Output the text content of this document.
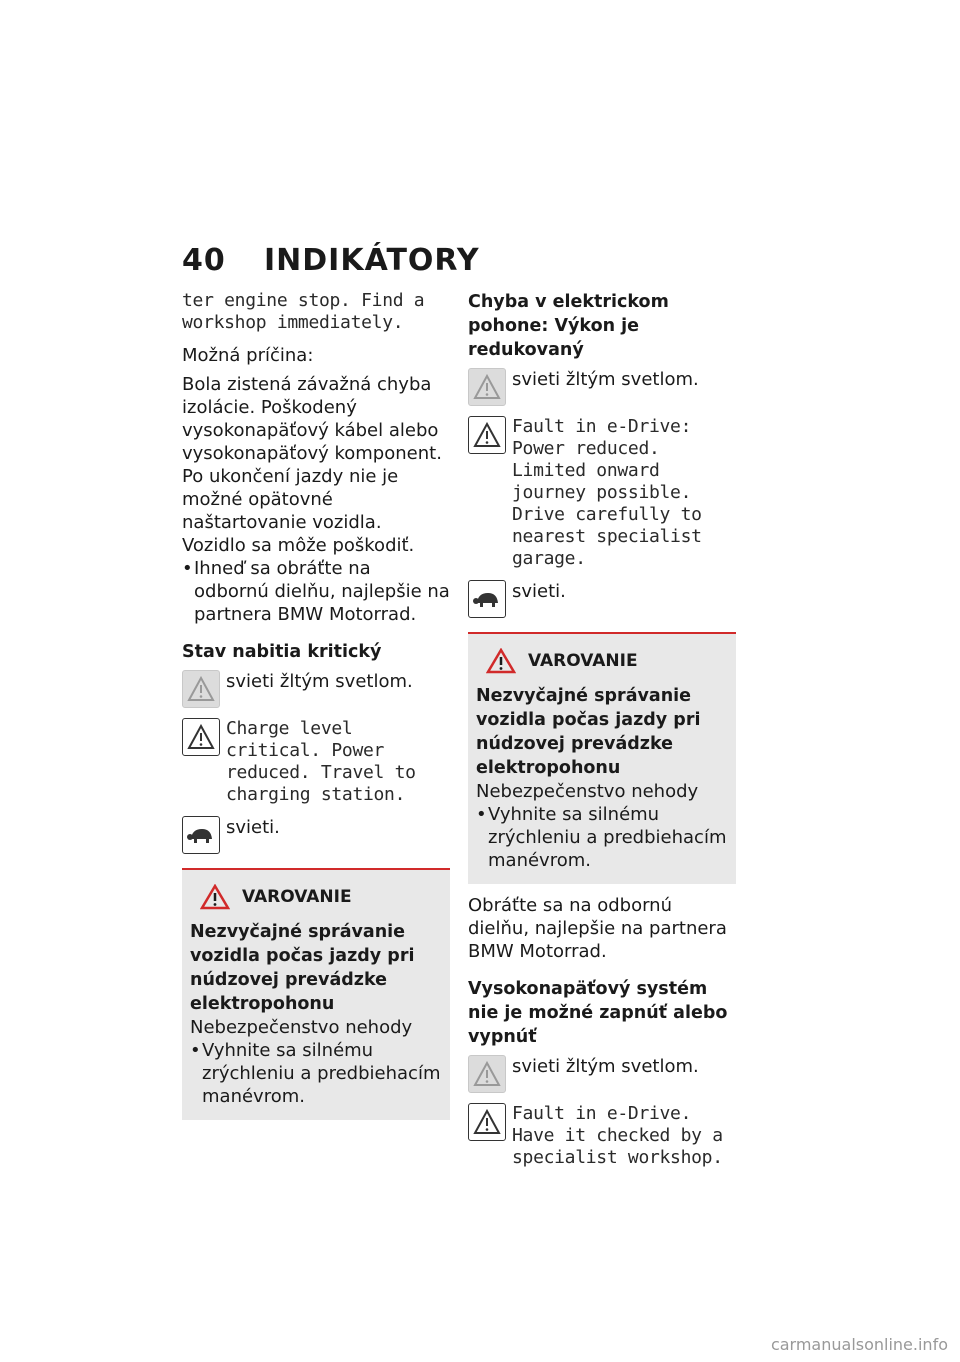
40 INDIKÁTORY
ter engine stop. Find a workshop immediately.

Možná príčina:

Bola zistená závažná chyba izolácie. Poškodený vysokonapäťový kábel alebo vysokonapäťový komponent. Po ukončení jazdy nie je možné opätovné naštartovanie vozidla. Vozidlo sa môže poškodiť.

• Ihneď sa obráťte na odbornú dielňu, najlepšie na partnera BMW Motorrad.

Stav nabitia kritický

svieti žltým svetlom.
Charge level critical. Power reduced. Travel to charging station.
svieti.
VAROVANIE

Nezvyčajné správanie vozidla počas jazdy pri núdzovej prevádzke elektropohonu

Nebezpečenstvo nehody

• Vyhnite sa silnému zrýchleniu a predbiehacím manévrom.

Chyba v elektrickom pohone: Výkon je redukovaný

svieti žltým svetlom.
Fault in e-Drive: Power reduced. Limited onward journey possible. Drive carefully to nearest specialist garage.
svieti.
VAROVANIE

Nezvyčajné správanie vozidla počas jazdy pri núdzovej prevádzke elektropohonu

Nebezpečenstvo nehody

• Vyhnite sa silnému zrýchleniu a predbiehacím manévrom.

Obráťte sa na odbornú dielňu, najlepšie na partnera BMW Motorrad.

Vysokonapäťový systém nie je možné zapnúť alebo vypnúť

svieti žltým svetlom.
Fault in e-Drive. Have it checked by a specialist workshop.
carmanualsonline.info
